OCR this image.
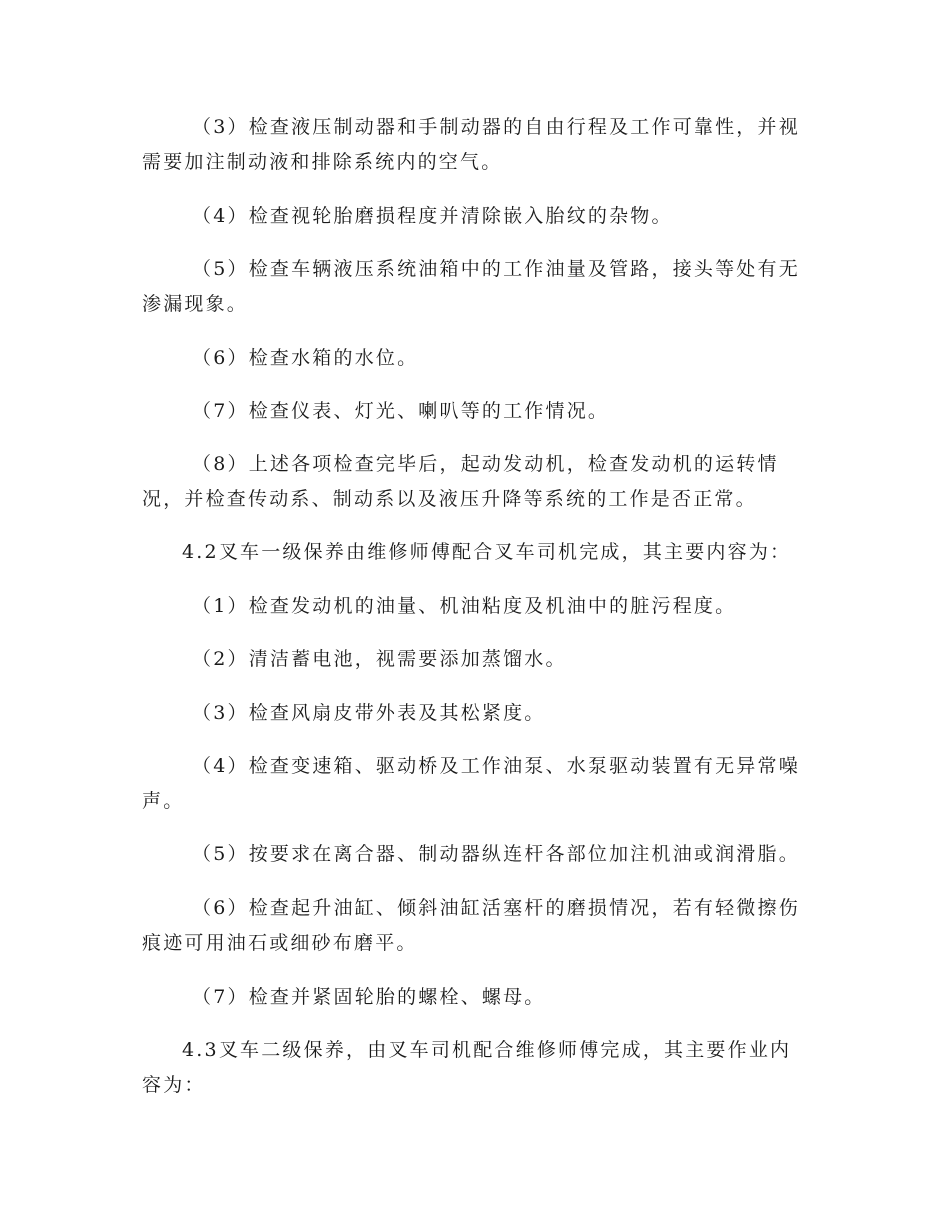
（3）检查液压制动器和手制动器的自由行程及工作可靠性，并视
需要加注制动液和排除系统内的空气。
（4）检查视轮胎磨损程度并清除嵌入胎纹的杂物。
（5）检查车辆液压系统油箱中的工作油量及管路，接头等处有无
渗漏现象。
（6）检查水箱的水位。
（7）检查仪表、灯光、喇叭等的工作情况。
（8）上述各项检查完毕后，起动发动机，检查发动机的运转情
况，并检查传动系、制动系以及液压升降等系统的工作是否正常。
4.2叉车一级保养由维修师傅配合叉车司机完成，其主要内容为：
（1）检查发动机的油量、机油粘度及机油中的脏污程度。
（2）清洁蓄电池，视需要添加蒸馏水。
（3）检查风扇皮带外表及其松紧度。
（4）检查变速箱、驱动桥及工作油泵、水泵驱动装置有无异常噪
声。
（5）按要求在离合器、制动器纵连杆各部位加注机油或润滑脂。
（6）检查起升油缸、倾斜油缸活塞杆的磨损情况，若有轻微擦伤
痕迹可用油石或细砂布磨平。
（7）检查并紧固轮胎的螺栓、螺母。
4.3叉车二级保养，由叉车司机配合维修师傅完成，其主要作业内
容为：
